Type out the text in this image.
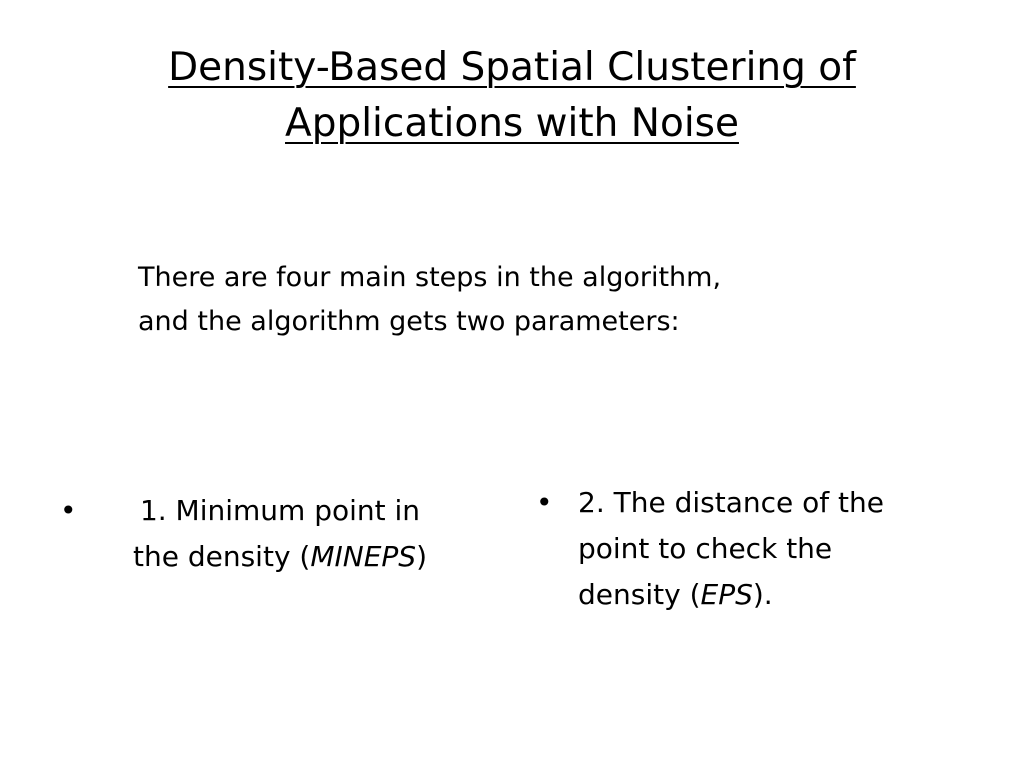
Density-Based Spatial Clustering of
Applications with Noise

There are four main steps in the algorithm,
and the algorithm gets two parameters:

•	1. Minimum point in
the density (MINEPS)
• 2. The distance of the
point to check the
density (EPS).
